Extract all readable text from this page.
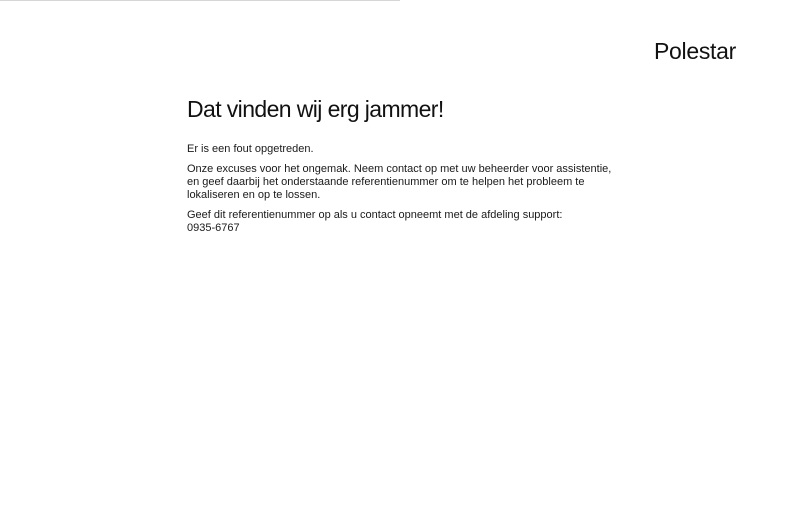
Polestar
Dat vinden wij erg jammer!

Er is een fout opgetreden.

Onze excuses voor het ongemak. Neem contact op met uw beheerder voor assistentie, en geef daarbij het onderstaande referentienummer om te helpen het probleem te lokaliseren en op te lossen.

Geef dit referentienummer op als u contact opneemt met de afdeling support: 0935-6767
